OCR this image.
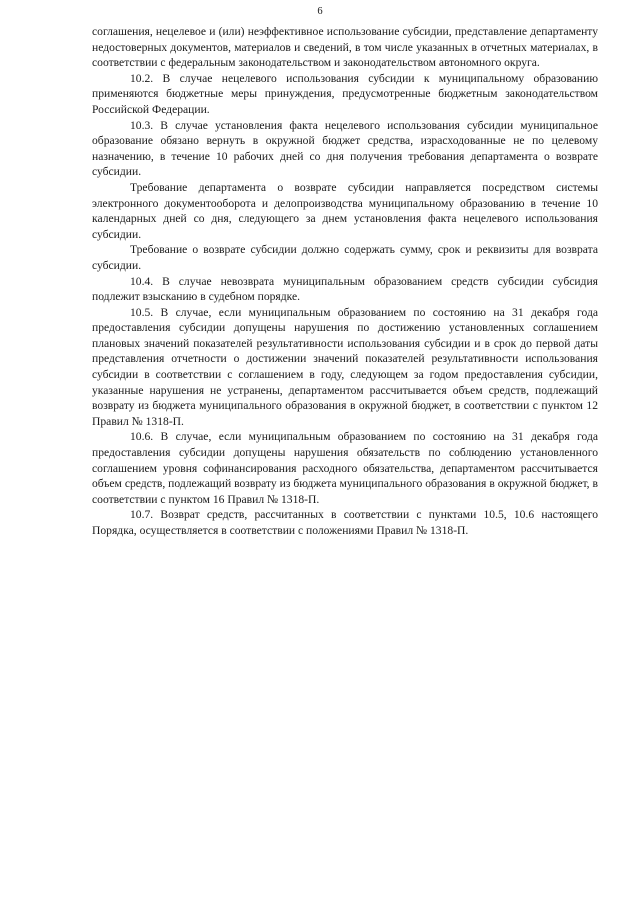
6

соглашения, нецелевое и (или) неэффективное использование субсидии, представление департаменту недостоверных документов, материалов и сведений, в том числе указанных в отчетных материалах, в соответствии с федеральным законодательством и законодательством автономного округа.

10.2. В случае нецелевого использования субсидии к муниципальному образованию применяются бюджетные меры принуждения, предусмотренные бюджетным законодательством Российской Федерации.

10.3. В случае установления факта нецелевого использования субсидии муниципальное образование обязано вернуть в окружной бюджет средства, израсходованные не по целевому назначению, в течение 10 рабочих дней со дня получения требования департамента о возврате субсидии.

Требование департамента о возврате субсидии направляется посредством системы электронного документооборота и делопроизводства муниципальному образованию в течение 10 календарных дней со дня, следующего за днем установления факта нецелевого использования субсидии.

Требование о возврате субсидии должно содержать сумму, срок и реквизиты для возврата субсидии.

10.4. В случае невозврата муниципальным образованием средств субсидии субсидия подлежит взысканию в судебном порядке.

10.5. В случае, если муниципальным образованием по состоянию на 31 декабря года предоставления субсидии допущены нарушения по достижению установленных соглашением плановых значений показателей результативности использования субсидии и в срок до первой даты представления отчетности о достижении значений показателей результативности использования субсидии в соответствии с соглашением в году, следующем за годом предоставления субсидии, указанные нарушения не устранены, департаментом рассчитывается объем средств, подлежащий возврату из бюджета муниципального образования в окружной бюджет, в соответствии с пунктом 12 Правил № 1318-П.

10.6. В случае, если муниципальным образованием по состоянию на 31 декабря года предоставления субсидии допущены нарушения обязательств по соблюдению установленного соглашением уровня софинансирования расходного обязательства, департаментом рассчитывается объем средств, подлежащий возврату из бюджета муниципального образования в окружной бюджет, в соответствии с пунктом 16 Правил № 1318-П.

10.7. Возврат средств, рассчитанных в соответствии с пунктами 10.5, 10.6 настоящего Порядка, осуществляется в соответствии с положениями Правил № 1318-П.
